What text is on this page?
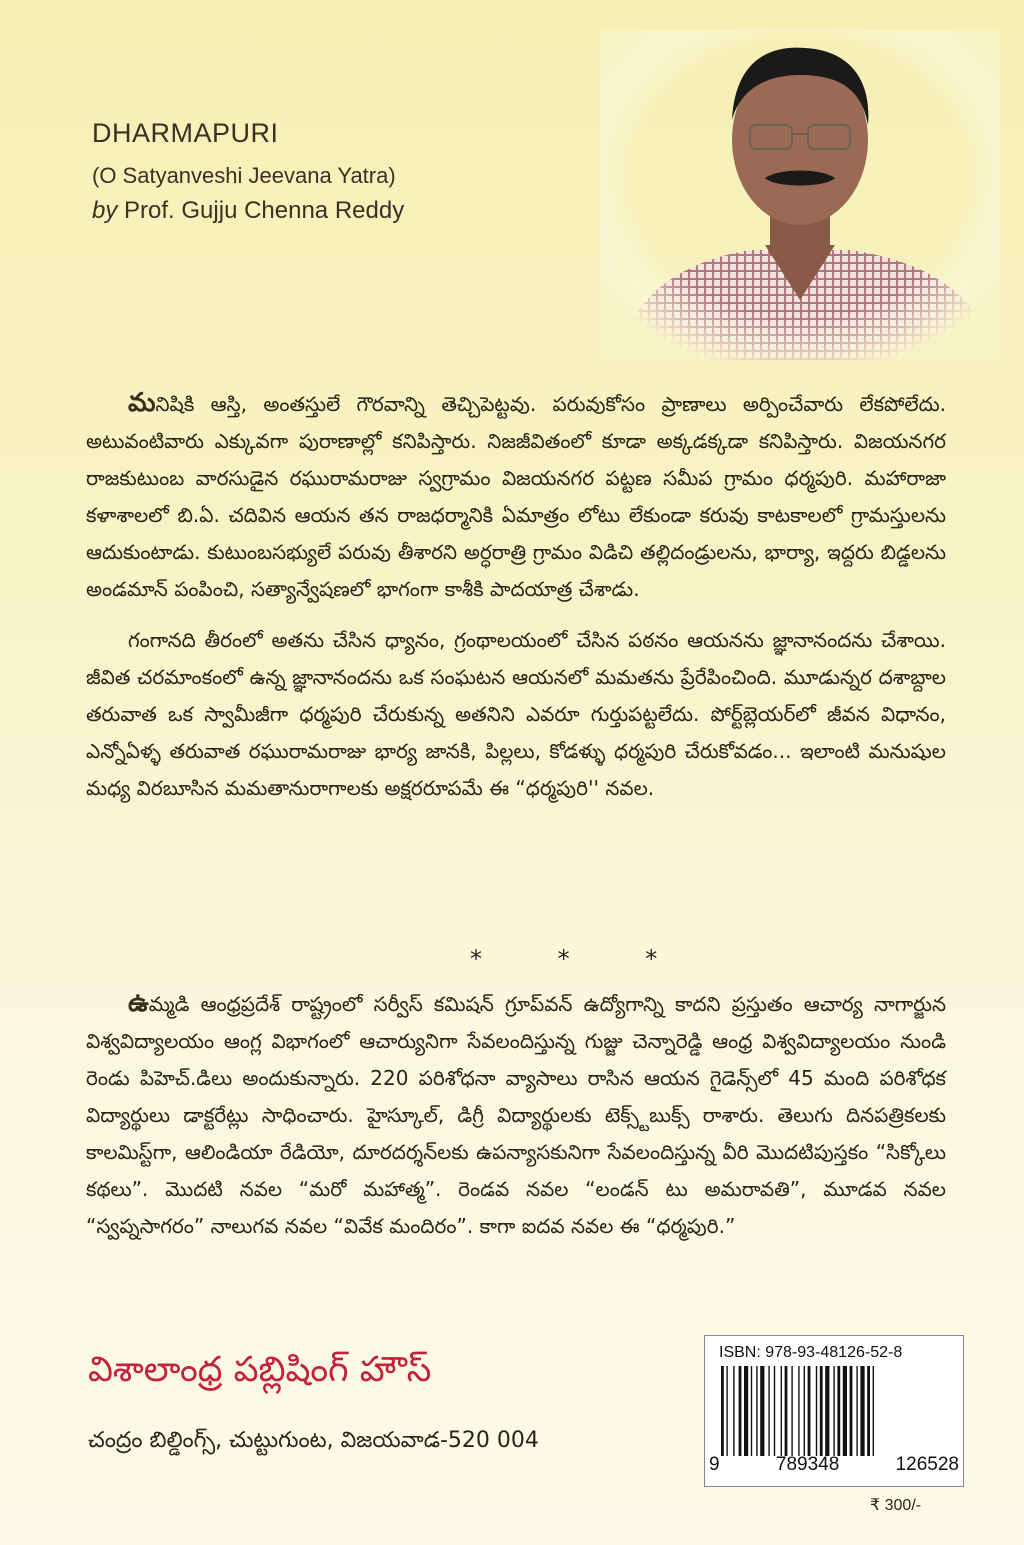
DHARMAPURI
(O Satyanveshi Jeevana Yatra)
by Prof. Gujju Chenna Reddy

మనిషికి ఆస్తి, అంతస్తులే గౌరవాన్ని తెచ్చిపెట్టవు. పరువుకోసం ప్రాణాలు అర్పించేవారు లేకపోలేదు. అటువంటివారు ఎక్కువగా పురాణాల్లో కనిపిస్తారు. నిజజీవితంలో కూడా అక్కడక్కడా కనిపిస్తారు. విజయనగర రాజకుటుంబ వారసుడైన రఘురామరాజు స్వగ్రామం విజయనగర పట్టణ సమీప గ్రామం ధర్మపురి. మహారాజా కళాశాలలో బి.ఏ. చదివిన ఆయన తన రాజధర్మానికి ఏమాత్రం లోటు లేకుండా కరువు కాటకాలలో గ్రామస్తులను ఆదుకుంటాడు. కుటుంబసభ్యులే పరువు తీశారని అర్ధరాత్రి గ్రామం విడిచి తల్లిదండ్రులను, భార్యా, ఇద్దరు బిడ్డలను అండమాన్ పంపించి, సత్యాన్వేషణలో భాగంగా కాశీకి పాదయాత్ర చేశాడు.

గంగానది తీరంలో అతను చేసిన ధ్యానం, గ్రంథాలయంలో చేసిన పఠనం ఆయనను జ్ఞానానందను చేశాయి. జీవిత చరమాంకంలో ఉన్న జ్ఞానానందను ఒక సంఘటన ఆయనలో మమతను ప్రేరేపించింది. మూడున్నర దశాబ్దాల తరువాత ఒక స్వామీజీగా ధర్మపురి చేరుకున్న అతనిని ఎవరూ గుర్తుపట్టలేదు. పోర్ట్‌బ్లెయర్‌లో జీవన విధానం, ఎన్నోఏళ్ళ తరువాత రఘురామరాజు భార్య జానకి, పిల్లలు, కోడళ్ళు ధర్మపురి చేరుకోవడం... ఇలాంటి మనుషుల మధ్య విరబూసిన మమతానురాగాలకు అక్షరరూపమే ఈ “ధర్మపురి'' నవల.

* * *

ఉమ్మడి ఆంధ్రప్రదేశ్ రాష్ట్రంలో సర్వీస్ కమిషన్ గ్రూప్‌వన్ ఉద్యోగాన్ని కాదని ప్రస్తుతం ఆచార్య నాగార్జున విశ్వవిద్యాలయం ఆంగ్ల విభాగంలో ఆచార్యునిగా సేవలందిస్తున్న గుజ్జు చెన్నారెడ్డి ఆంధ్ర విశ్వవిద్యాలయం నుండి రెండు పిహెచ్.డిలు అందుకున్నారు. 220 పరిశోధనా వ్యాసాలు రాసిన ఆయన గైడెన్స్‌లో 45 మంది పరిశోధక విద్యార్థులు డాక్టరేట్లు సాధించారు. హైస్కూల్, డిగ్రీ విద్యార్థులకు టెక్స్ట్‌బుక్స్ రాశారు. తెలుగు దినపత్రికలకు కాలమిస్ట్‌గా, ఆలిండియా రేడియో, దూరదర్శన్‌లకు ఉపన్యాసకునిగా సేవలందిస్తున్న వీరి మొదటిపుస్తకం “సిక్కోలు కథలు”. మొదటి నవల “మరో మహాత్మ”. రెండవ నవల “లండన్ టు అమరావతి”, మూడవ నవల “స్వప్నసాగరం” నాలుగవ నవల “వివేక మందిరం”. కాగా ఐదవ నవల ఈ “ధర్మపురి.”

విశాలాంధ్ర పబ్లిషింగ్ హౌస్
చంద్రం బిల్డింగ్స్, చుట్టుగుంట, విజయవాడ-520 004
ISBN: 978-93-48126-52-8
9	789348	126528
₹ 300/-
